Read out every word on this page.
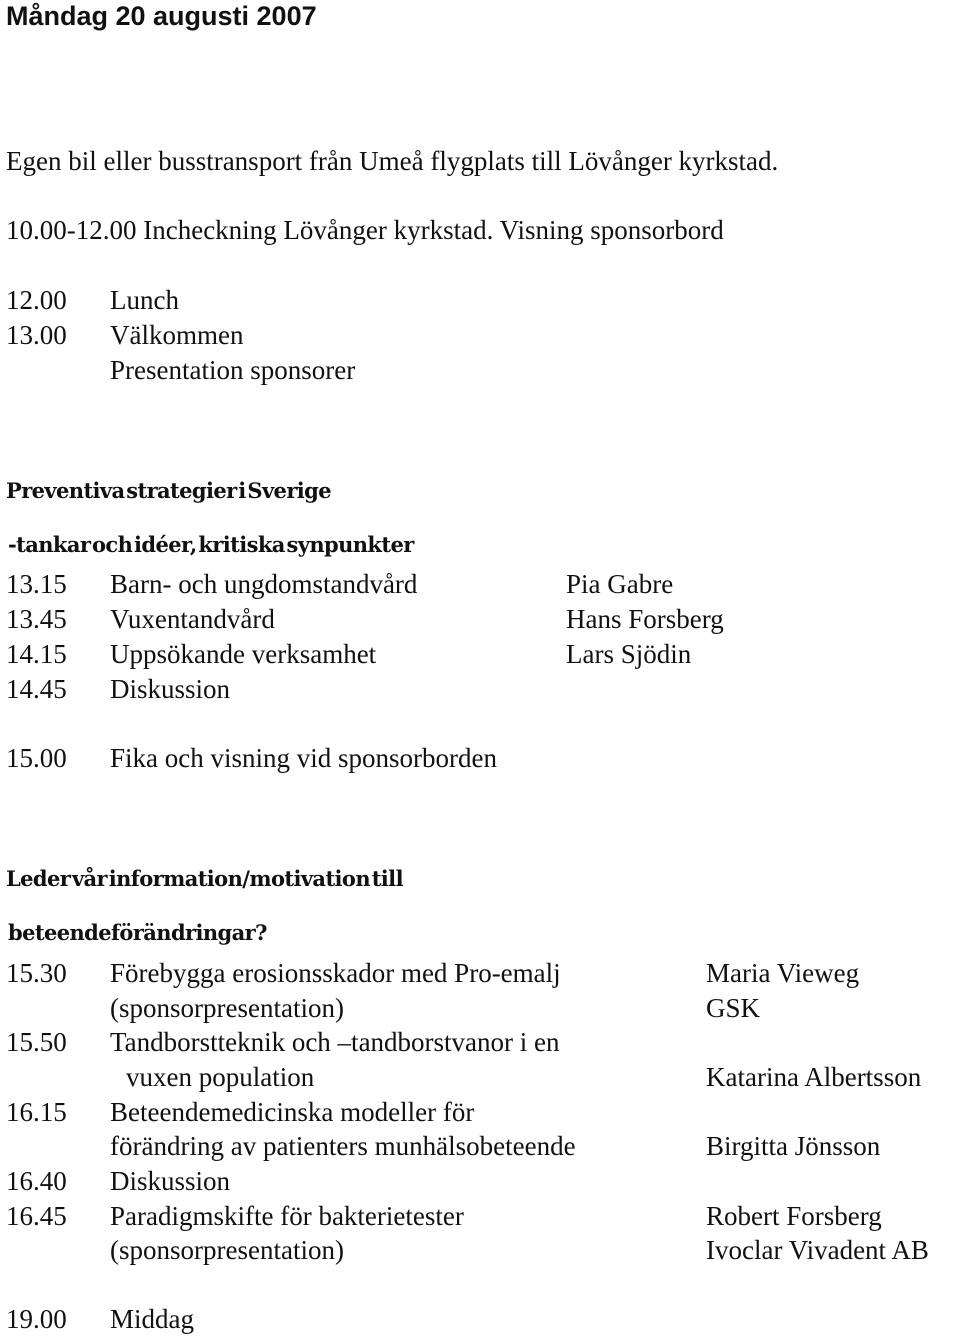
Måndag 20 augusti 2007
Egen bil eller busstransport från Umeå flygplats till Lövånger kyrkstad.
10.00-12.00 Incheckning Lövånger kyrkstad. Visning sponsorbord
12.00 Lunch
13.00 Välkommen
Presentation sponsorer
Preventiva strategier i Sverige
-tankar och idéer, kritiska synpunkter
13.15 Barn- och ungdomstandvård	Pia Gabre
13.45 Vuxentandvård	Hans Forsberg
14.15 Uppsökande verksamhet	Lars Sjödin
14.45 Diskussion
15.00 Fika och visning vid sponsorborden
Leder vår information/motivation till
beteendeförändringar?
15.30 Förebygga erosionsskador med Pro-emalj	Maria Vieweg
(sponsorpresentation)	GSK
15.50 Tandborstteknik och –tandborstvanor i en
vuxen population	Katarina Albertsson
16.15 Beteendemedicinska modeller för
förändring av patienters munhälsobeteende	Birgitta Jönsson
16.40 Diskussion
16.45 Paradigmskifte för bakterietester	Robert Forsberg
(sponsorpresentation)	Ivoclar Vivadent AB
19.00 Middag
